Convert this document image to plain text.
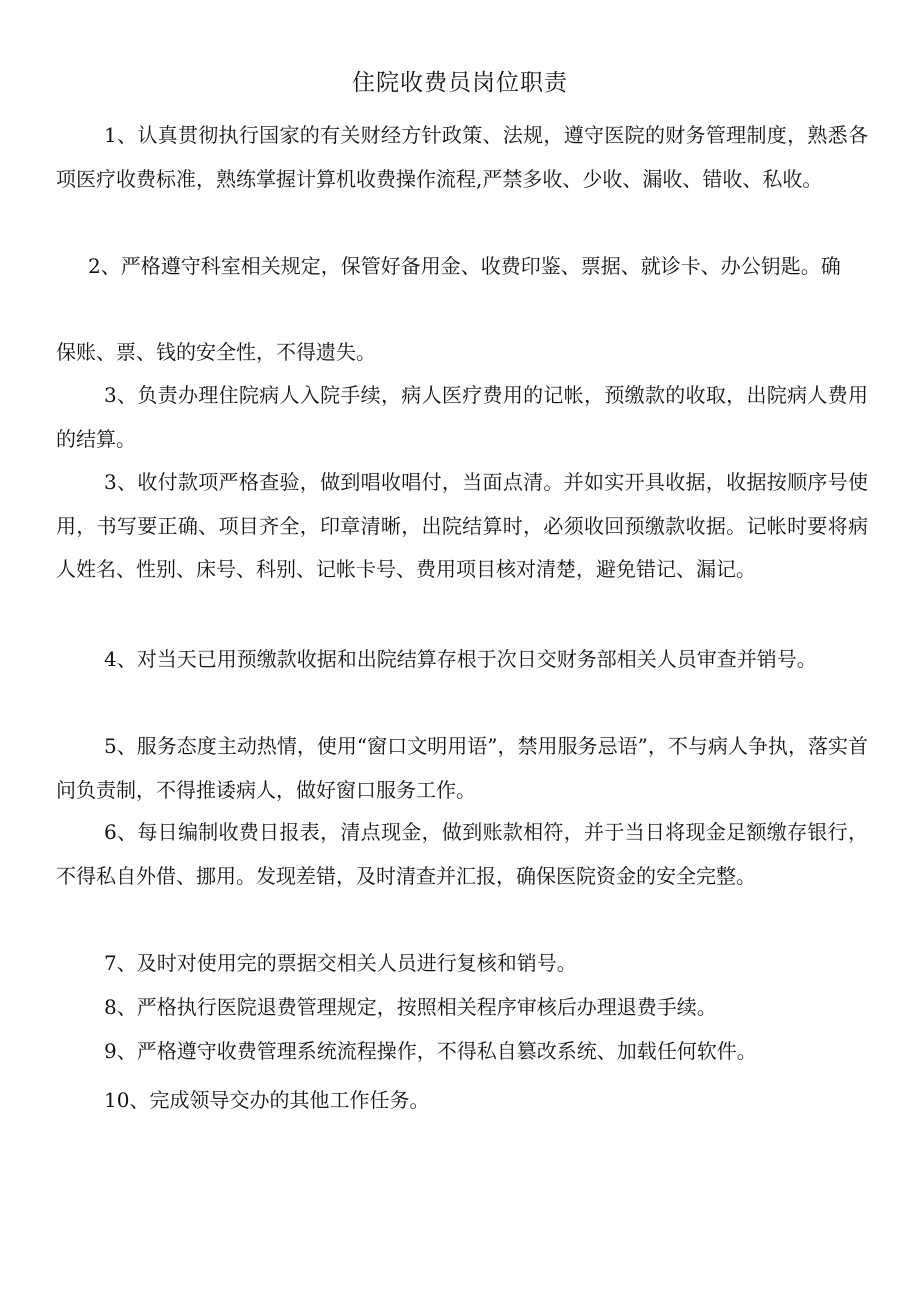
住院收费员岗位职责
1、认真贯彻执行国家的有关财经方针政策、法规，遵守医院的财务管理制度，熟悉各项医疗收费标准，熟练掌握计算机收费操作流程,严禁多收、少收、漏收、错收、私收。
2、严格遵守科室相关规定，保管好备用金、收费印鉴、票据、就诊卡、办公钥匙。确
保账、票、钱的安全性，不得遗失。
3、负责办理住院病人入院手续，病人医疗费用的记帐，预缴款的收取，出院病人费用的结算。
3、收付款项严格查验，做到唱收唱付，当面点清。并如实开具收据，收据按顺序号使用，书写要正确、项目齐全，印章清晰，出院结算时，必须收回预缴款收据。记帐时要将病人姓名、性别、床号、科别、记帐卡号、费用项目核对清楚，避免错记、漏记。
4、对当天已用预缴款收据和出院结算存根于次日交财务部相关人员审查并销号。
5、服务态度主动热情，使用“窗口文明用语”，禁用服务忌语”，不与病人争执，落实首问负责制，不得推诿病人，做好窗口服务工作。
6、每日编制收费日报表，清点现金，做到账款相符，并于当日将现金足额缴存银行，不得私自外借、挪用。发现差错，及时清查并汇报，确保医院资金的安全完整。
7、及时对使用完的票据交相关人员进行复核和销号。
8、严格执行医院退费管理规定，按照相关程序审核后办理退费手续。
9、严格遵守收费管理系统流程操作，不得私自篡改系统、加载任何软件。
10、完成领导交办的其他工作任务。
